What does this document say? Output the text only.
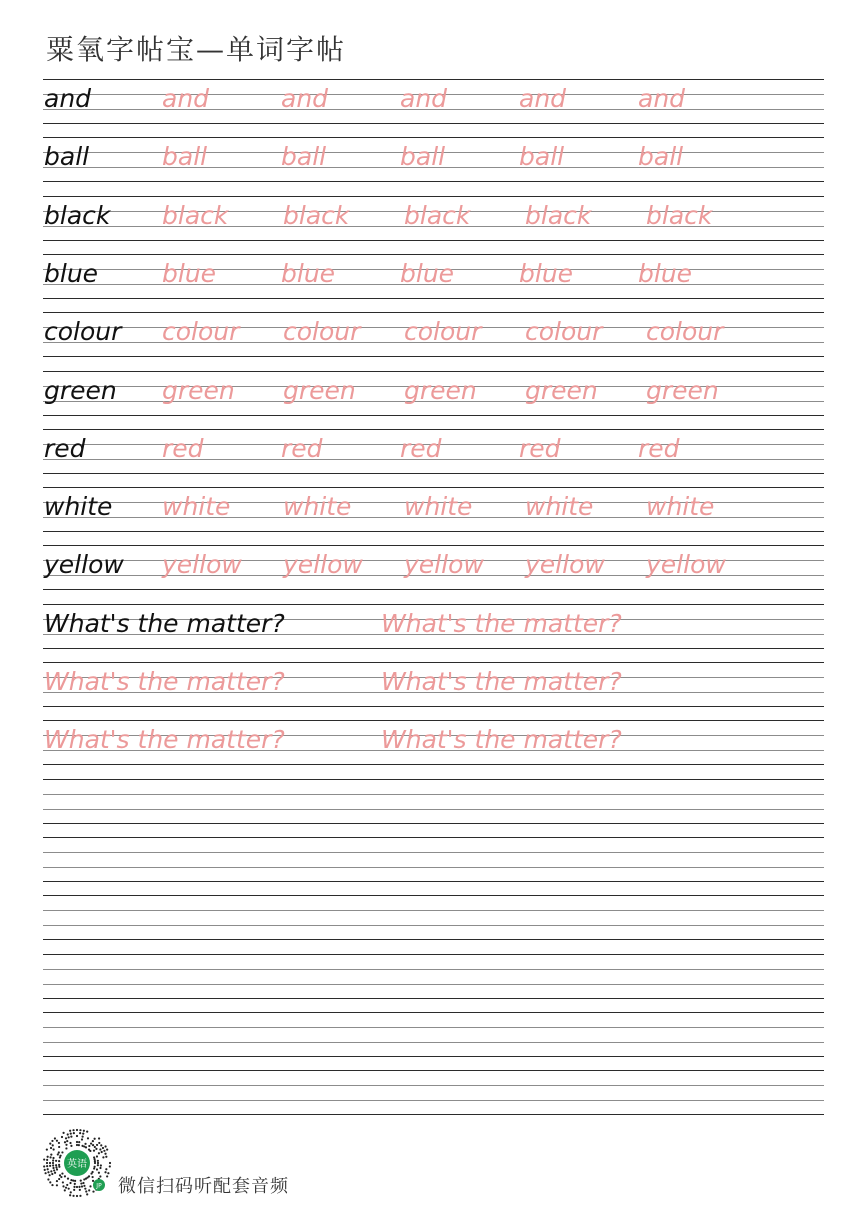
粟氧字帖宝—单词字帖
and	and	and	and	and	and
ball	ball	ball	ball	ball	ball
black black black black black black
blue	blue	blue	blue	blue	blue
colour colour colour colour colour colour
green green green green green green
red	red	red	red	red	red
white white white white white white
yellow yellow yellow yellow yellow yellow
What's the matter?	What's the matter?
What's the matter?	What's the matter?
What's the matter?	What's the matter?
英语
JP 微信扫码听配套音频
